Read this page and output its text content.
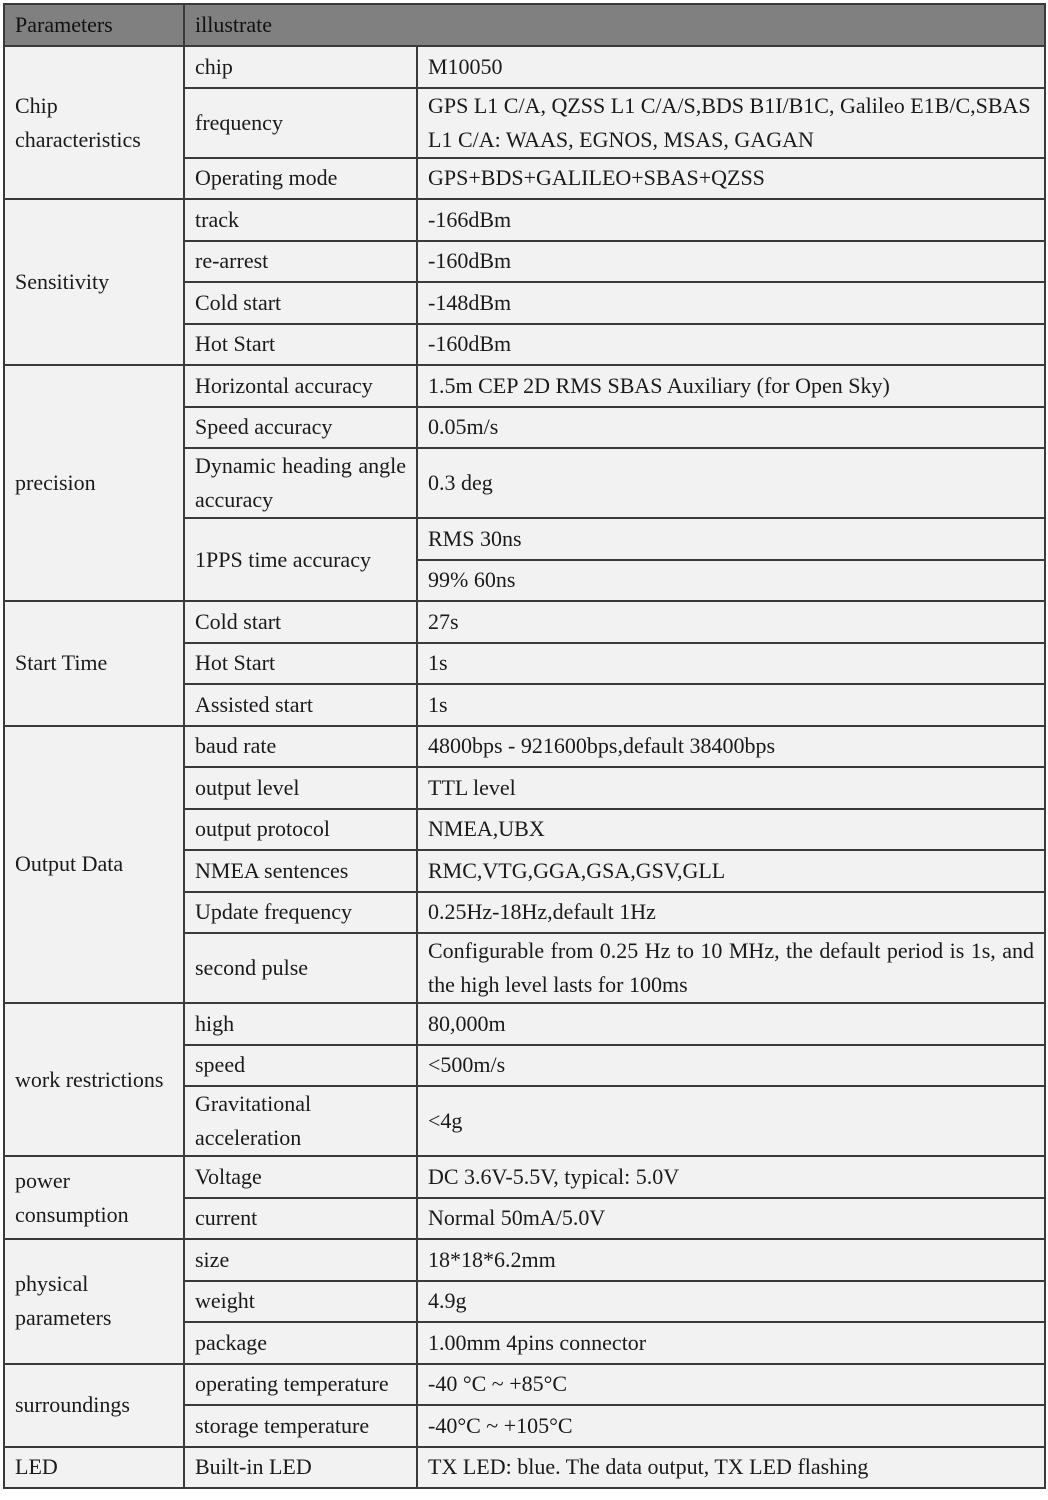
Parameters	illustrate	
Chip characteristics	chip	M10050
	frequency	GPS L1 C/A, QZSS L1 C/A/S,BDS B1I/B1C, Galileo E1B/C,SBAS L1 C/A: WAAS, EGNOS, MSAS, GAGAN
	Operating mode	GPS+BDS+GALILEO+SBAS+QZSS
Sensitivity	track	-166dBm
	re-arrest	-160dBm
	Cold start	-148dBm
	Hot Start	-160dBm
precision	Horizontal accuracy	1.5m CEP 2D RMS SBAS Auxiliary (for Open Sky)
	Speed accuracy	0.05m/s
	Dynamic heading angle accuracy	0.3 deg
	1PPS time accuracy	RMS 30ns
		99% 60ns
Start Time	Cold start	27s
	Hot Start	1s
	Assisted start	1s
Output Data	baud rate	4800bps - 921600bps,default 38400bps
	output level	TTL level
	output protocol	NMEA,UBX
	NMEA sentences	RMC,VTG,GGA,GSA,GSV,GLL
	Update frequency	0.25Hz-18Hz,default 1Hz
	second pulse	Configurable from 0.25 Hz to 10 MHz, the default period is 1s, and the high level lasts for 100ms
work restrictions	high	80,000m
	speed	<500m/s
	Gravitational acceleration	<4g
power consumption	Voltage	DC 3.6V-5.5V, typical: 5.0V
	current	Normal 50mA/5.0V
physical parameters	size	18*18*6.2mm
	weight	4.9g
	package	1.00mm 4pins connector
surroundings	operating temperature	-40 °C ~ +85°C
	storage temperature	-40°C ~ +105°C
LED	Built-in LED	TX LED: blue. The data output, TX LED flashing
